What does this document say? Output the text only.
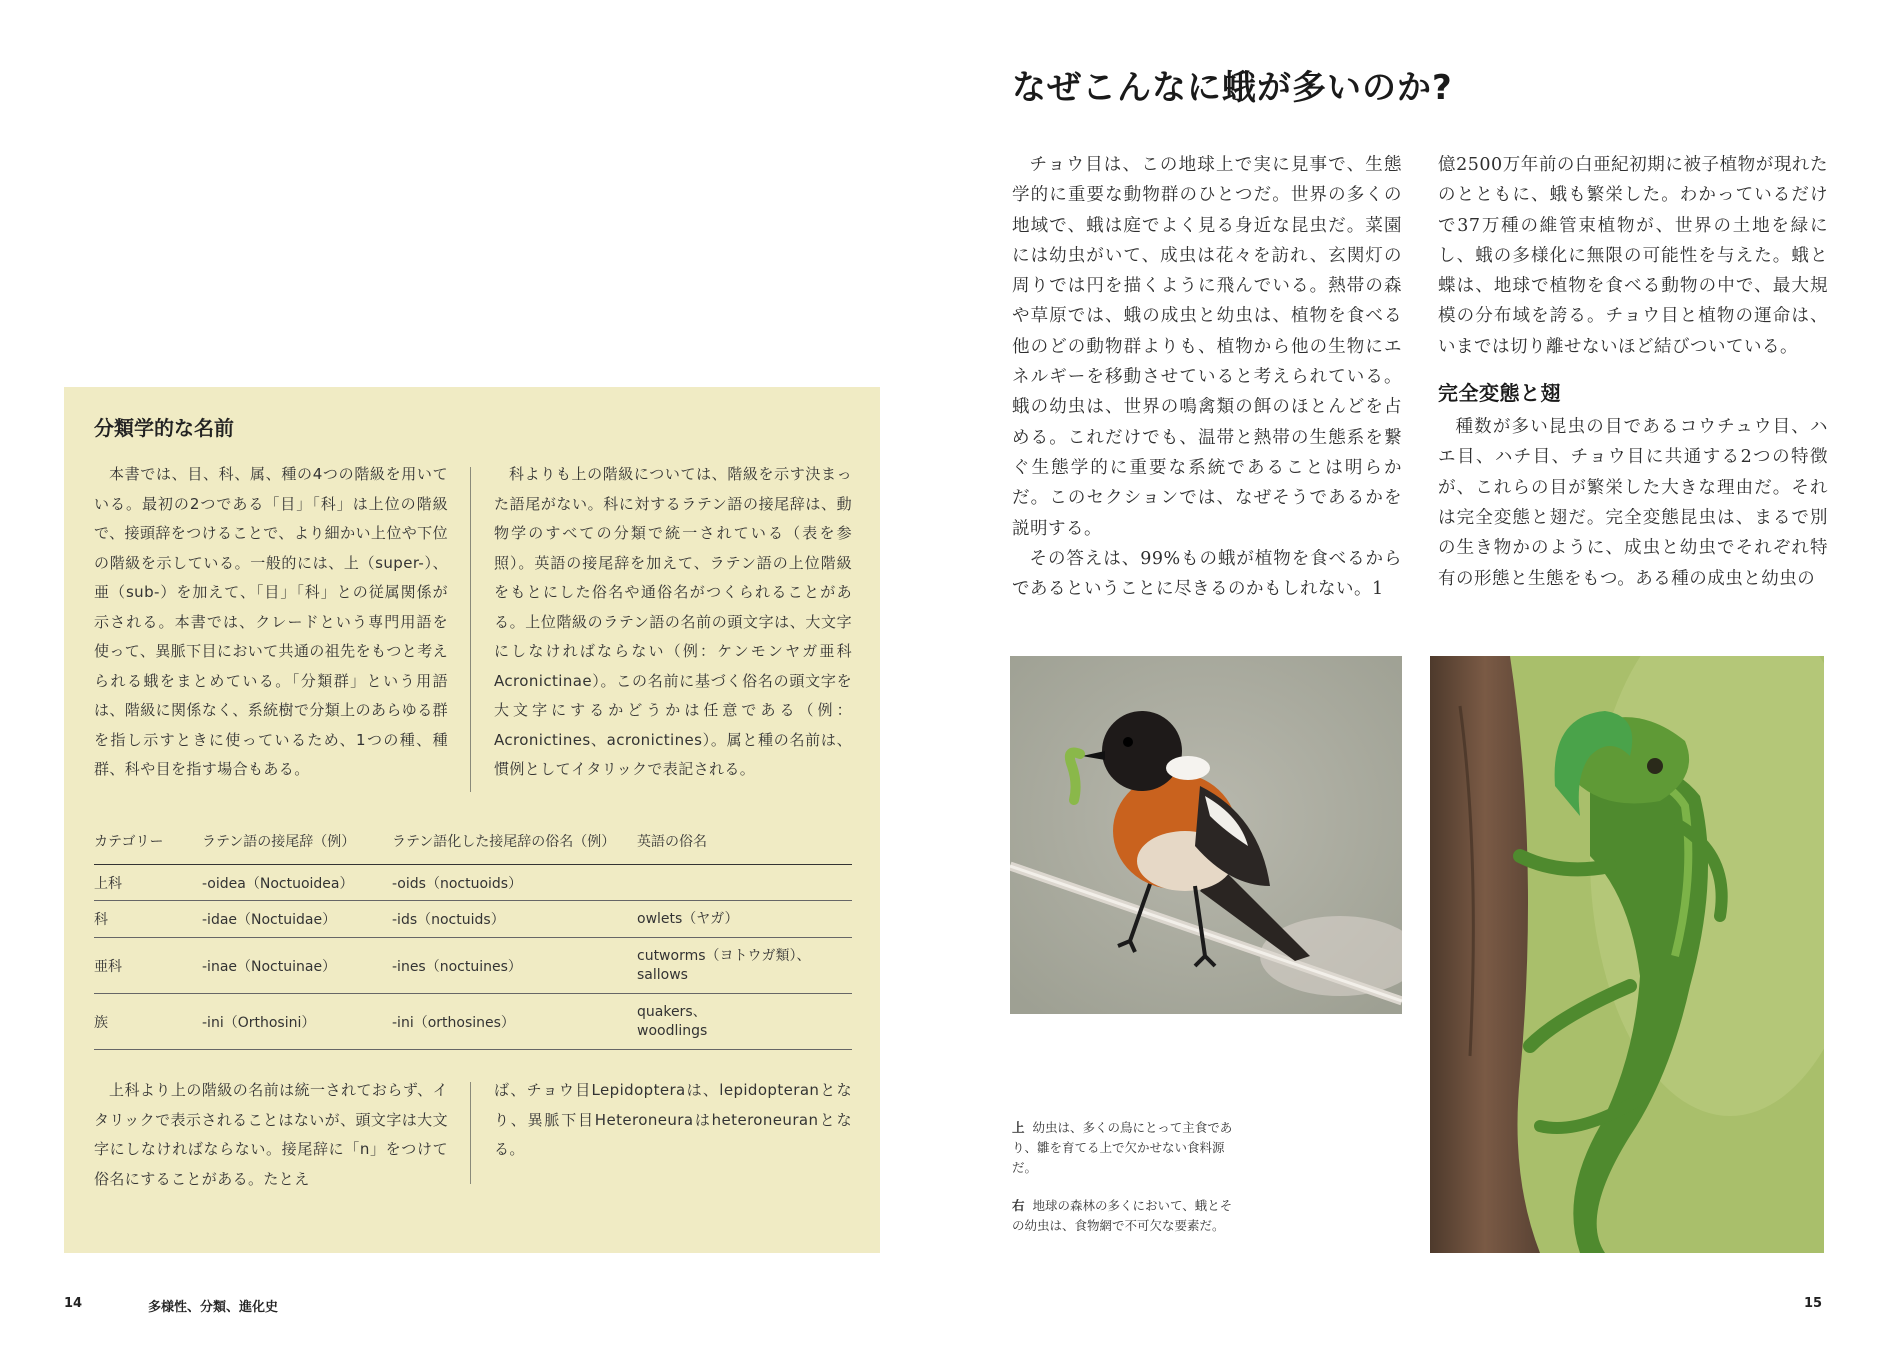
分類学的な名前

本書では、目、科、属、種の4つの階級を用いている。最初の2つである「目」「科」は上位の階級で、接頭辞をつけることで、より細かい上位や下位の階級を示している。一般的には、上（super-）、亜（sub-）を加えて、「目」「科」との従属関係が示される。本書では、クレードという専門用語を使って、異脈下目において共通の祖先をもつと考えられる蛾をまとめている。「分類群」という用語は、階級に関係なく、系統樹で分類上のあらゆる群を指し示すときに使っているため、1つの種、種群、科や目を指す場合もある。

科よりも上の階級については、階級を示す決まった語尾がない。科に対するラテン語の接尾辞は、動物学のすべての分類で統一されている（表を参照）。英語の接尾辞を加えて、ラテン語の上位階級をもとにした俗名や通俗名がつくられることがある。上位階級のラテン語の名前の頭文字は、大文字にしなければならない（例：ケンモンヤガ亜科Acronictinae）。この名前に基づく俗名の頭文字を大文字にするかどうかは任意である（例：Acronictines、acronictines）。属と種の名前は、慣例としてイタリックで表記される。

カテゴリー	ラテン語の接尾辞（例）	ラテン語化した接尾辞の俗名（例）	英語の俗名
上科	-oidea（Noctuoidea）	-oids（noctuoids）	

科	-idae（Noctuidae）	-ids（noctuids）	owlets（ヤガ）

亜科	-inae（Noctuinae）	-ines（noctuines）	cutworms（ヨトウガ類）、
sallows

族	-ini（Orthosini）	-ini（orthosines）	quakers、
woodlings

上科より上の階級の名前は統一されておらず、イタリックで表示されることはないが、頭文字は大文字にしなければならない。接尾辞に「n」をつけて俗名にすることがある。たとえ

ば、チョウ目Lepidopteraは、lepidopteranとなり、異脈下目Heteroneuraはheteroneuranとなる。

14	多様性、分類、進化史
なぜこんなに蛾が多いのか?

チョウ目は、この地球上で実に見事で、生態学的に重要な動物群のひとつだ。世界の多くの地域で、蛾は庭でよく見る身近な昆虫だ。菜園には幼虫がいて、成虫は花々を訪れ、玄関灯の周りでは円を描くように飛んでいる。熱帯の森や草原では、蛾の成虫と幼虫は、植物を食べる他のどの動物群よりも、植物から他の生物にエネルギーを移動させていると考えられている。蛾の幼虫は、世界の鳴禽類の餌のほとんどを占める。これだけでも、温帯と熱帯の生態系を繋ぐ生態学的に重要な系統であることは明らかだ。このセクションでは、なぜそうであるかを説明する。

その答えは、99%もの蛾が植物を食べるからであるということに尽きるのかもしれない。1

億2500万年前の白亜紀初期に被子植物が現れたのとともに、蛾も繁栄した。わかっているだけで37万種の維管束植物が、世界の土地を緑にし、蛾の多様化に無限の可能性を与えた。蛾と蝶は、地球で植物を食べる動物の中で、最大規模の分布域を誇る。チョウ目と植物の運命は、いまでは切り離せないほど結びついている。

完全変態と翅

種数が多い昆虫の目であるコウチュウ目、ハエ目、ハチ目、チョウ目に共通する2つの特徴が、これらの目が繁栄した大きな理由だ。それは完全変態と翅だ。完全変態昆虫は、まるで別の生き物かのように、成虫と幼虫でそれぞれ特有の形態と生態をもつ。ある種の成虫と幼虫の

上 幼虫は、多くの鳥にとって主食であり、雛を育てる上で欠かせない食料源だ。
右 地球の森林の多くにおいて、蛾とその幼虫は、食物網で不可欠な要素だ。
15
